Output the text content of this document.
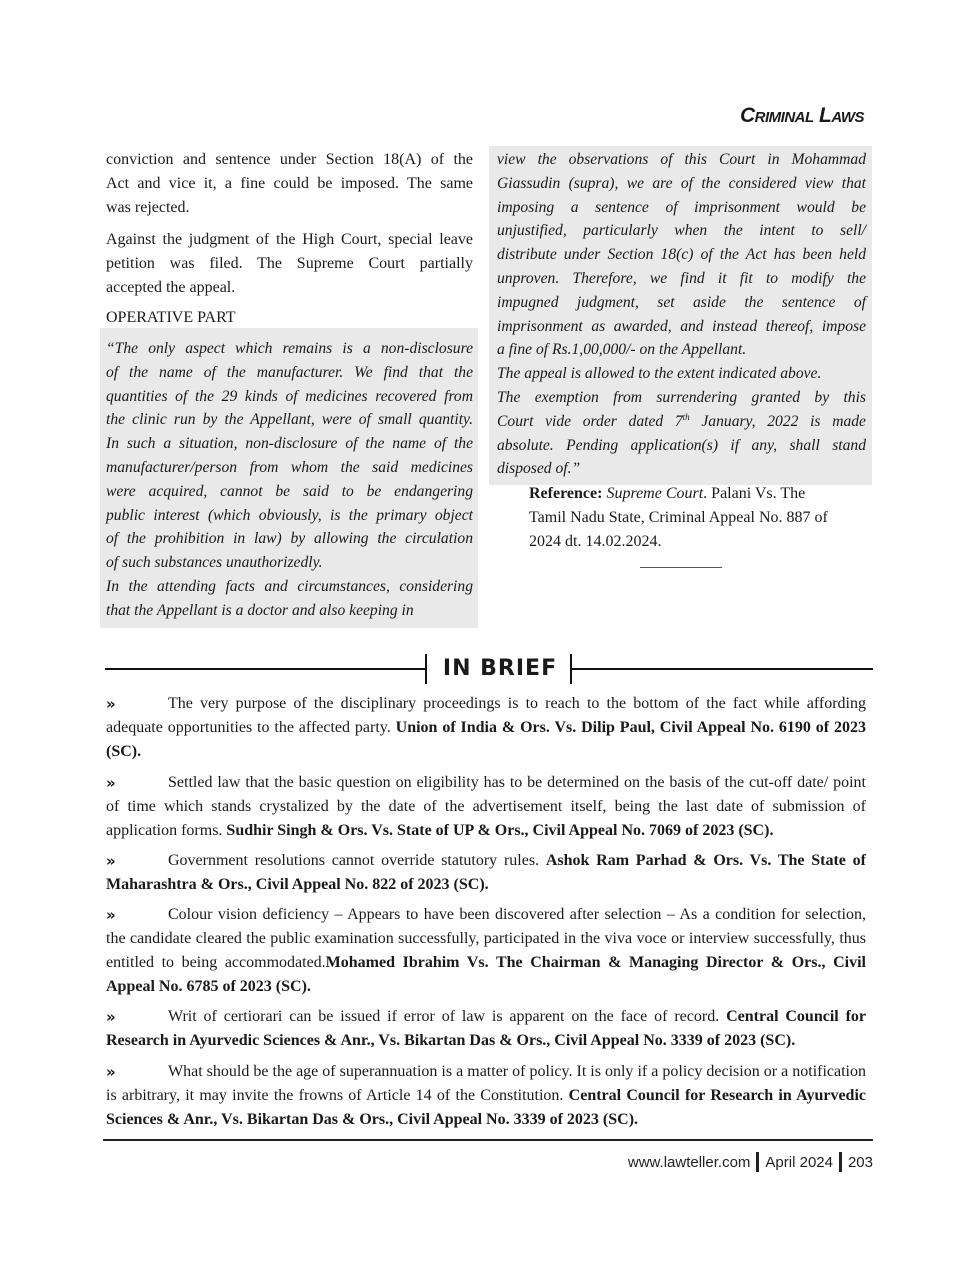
Criminal Laws
conviction and sentence under Section 18(A) of the
Act and vice it, a fine could be imposed. The same
was rejected.
Against the judgment of the High Court, special leave
petition was filed. The Supreme Court partially
accepted the appeal.
OPERATIVE PART
“The only aspect which remains is a non-disclosure
of the name of the manufacturer. We find that the
quantities of the 29 kinds of medicines recovered from
the clinic run by the Appellant, were of small quantity.
In such a situation, non-disclosure of the name of the
manufacturer/person from whom the said medicines
were acquired, cannot be said to be endangering
public interest (which obviously, is the primary object
of the prohibition in law) by allowing the circulation
of such substances unauthorizedly.
In the attending facts and circumstances, considering
that the Appellant is a doctor and also keeping in
view the observations of this Court in Mohammad
Giassudin (supra), we are of the considered view that
imposing a sentence of imprisonment would be
unjustified, particularly when the intent to sell/
distribute under Section 18(c) of the Act has been held
unproven. Therefore, we find it fit to modify the
impugned judgment, set aside the sentence of
imprisonment as awarded, and instead thereof, impose
a fine of Rs.1,00,000/- on the Appellant.
The appeal is allowed to the extent indicated above.
The exemption from surrendering granted by this
Court vide order dated 7th January, 2022 is made
absolute. Pending application(s) if any, shall stand
disposed of.”
Reference: Supreme Court. Palani Vs. The
Tamil Nadu State, Criminal Appeal No. 887 of
2024 dt. 14.02.2024.
IN BRIEF
»	The very purpose of the disciplinary proceedings is to reach to the bottom of the fact while affording adequate opportunities to the affected party. Union of India & Ors. Vs. Dilip Paul, Civil Appeal No. 6190 of 2023 (SC).

»	Settled law that the basic question on eligibility has to be determined on the basis of the cut-off date/ point of time which stands crystalized by the date of the advertisement itself, being the last date of submission of application forms. Sudhir Singh & Ors. Vs. State of UP & Ors., Civil Appeal No. 7069 of 2023 (SC).

»	Government resolutions cannot override statutory rules. Ashok Ram Parhad & Ors. Vs. The State of Maharashtra & Ors., Civil Appeal No. 822 of 2023 (SC).

»	Colour vision deficiency – Appears to have been discovered after selection – As a condition for selection, the candidate cleared the public examination successfully, participated in the viva voce or interview successfully, thus entitled to being accommodated.Mohamed Ibrahim Vs. The Chairman & Managing Director & Ors., Civil Appeal No. 6785 of 2023 (SC).

»	Writ of certiorari can be issued if error of law is apparent on the face of record. Central Council for Research in Ayurvedic Sciences & Anr., Vs. Bikartan Das & Ors., Civil Appeal No. 3339 of 2023 (SC).

»	What should be the age of superannuation is a matter of policy. It is only if a policy decision or a notification is arbitrary, it may invite the frowns of Article 14 of the Constitution. Central Council for Research in Ayurvedic Sciences & Anr., Vs. Bikartan Das & Ors., Civil Appeal No. 3339 of 2023 (SC).

www.lawteller.com April 2024 203
